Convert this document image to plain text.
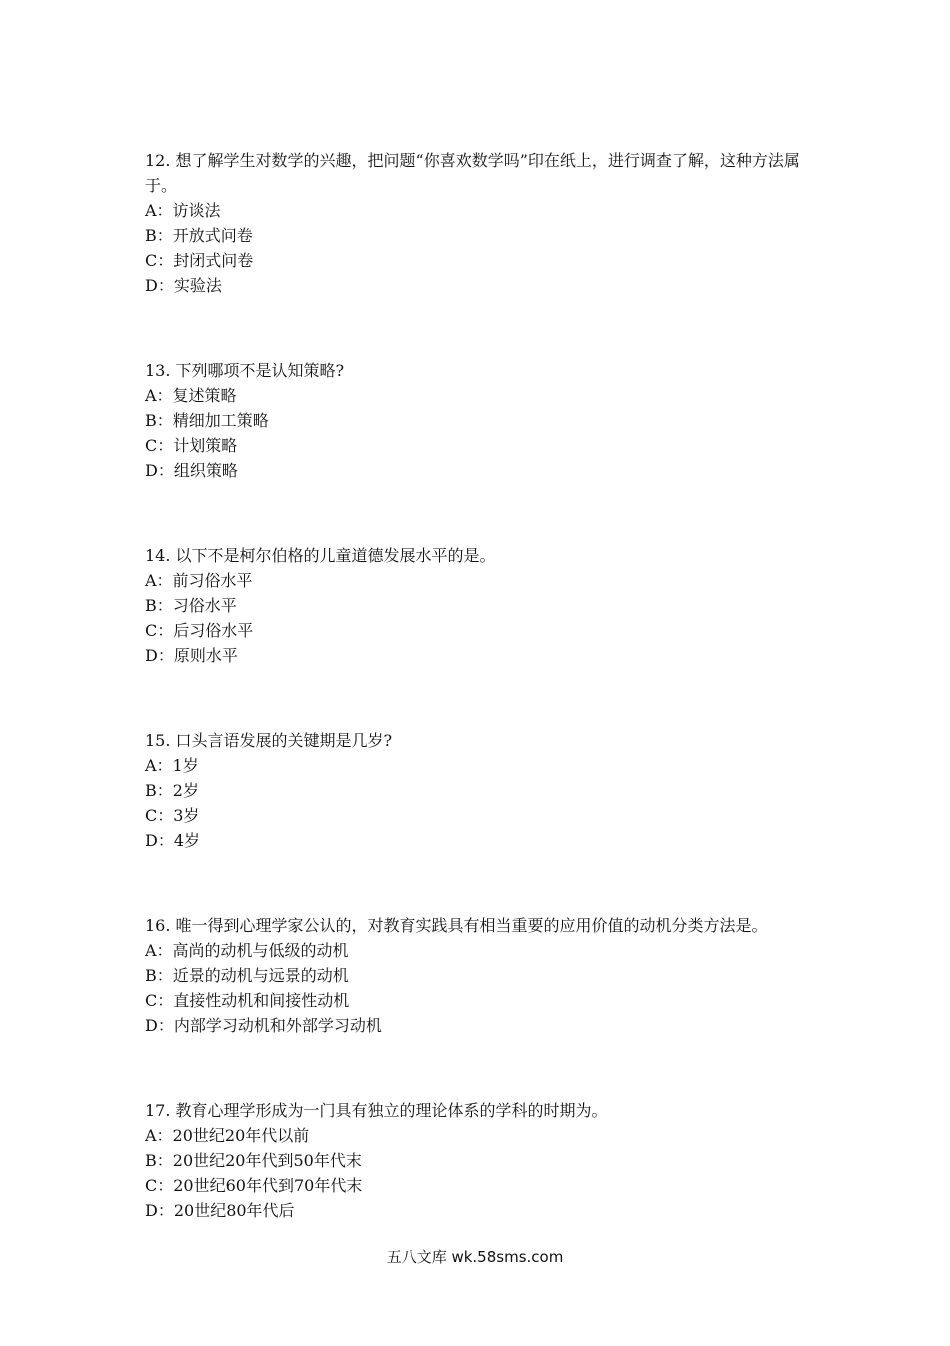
12. 想了解学生对数学的兴趣，把问题“你喜欢数学吗”印在纸上，进行调查了解，这种方法属于。

A：访谈法
B：开放式问卷
C：封闭式问卷
D：实验法

13. 下列哪项不是认知策略?

A：复述策略
B：精细加工策略
C：计划策略
D：组织策略

14. 以下不是柯尔伯格的儿童道德发展水平的是。

A：前习俗水平
B：习俗水平
C：后习俗水平
D：原则水平

15. 口头言语发展的关键期是几岁?

A：1岁
B：2岁
C：3岁
D：4岁

16. 唯一得到心理学家公认的，对教育实践具有相当重要的应用价值的动机分类方法是。

A：高尚的动机与低级的动机
B：近景的动机与远景的动机
C：直接性动机和间接性动机
D：内部学习动机和外部学习动机

17. 教育心理学形成为一门具有独立的理论体系的学科的时期为。

A：20世纪20年代以前
B：20世纪20年代到50年代末
C：20世纪60年代到70年代末
D：20世纪80年代后
五八文库 wk.58sms.com
